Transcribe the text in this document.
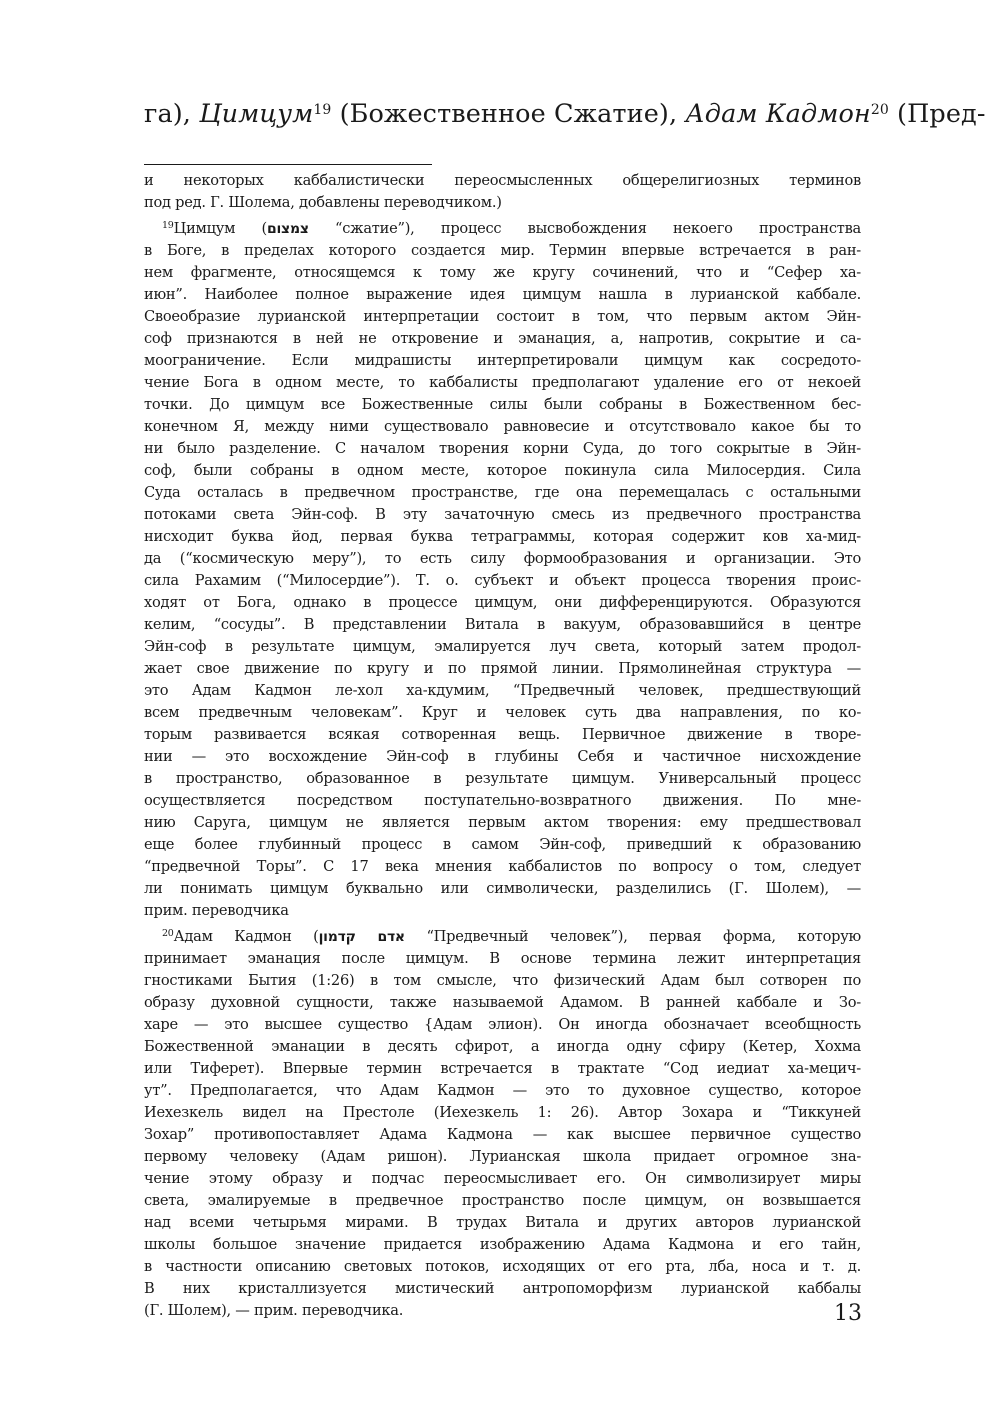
га), Цимцум$^{19}$ (Божественное Сжатие), Адам Кадмон$^{20}$ (Пред-
и некоторых каббалистически переосмысленных общерелигиозных терминов
под ред. Г. Шолема, добавлены переводчиком.)
$^{19}$Цимцум (צמצום “сжатие”), процесс высвобождения некоего пространства
в Боге, в пределах которого создается мир. Термин впервые встречается в ран-
нем фрагменте, относящемся к тому же кругу сочинений, что и “Сефер ха-
июн”. Наиболее полное выражение идея цимцум нашла в лурианской каббале.
Своеобразие лурианской интерпретации состоит в том, что первым актом Эйн-
соф признаются в ней не откровение и эманация, а, напротив, сокрытие и са-
моограничение. Если мидрашисты интерпретировали цимцум как сосредото-
чение Бога в одном месте, то каббалисты предполагают удаление его от некоей
точки. До цимцум все Божественные силы были собраны в Божественном бес-
конечном Я, между ними существовало равновесие и отсутствовало какое бы то
ни было разделение. С началом творения корни Суда, до того сокрытые в Эйн-
соф, были собраны в одном месте, которое покинула сила Милосердия. Сила
Суда осталась в предвечном пространстве, где она перемещалась с остальными
потоками света Эйн-соф. В эту зачаточную смесь из предвечного пространства
нисходит буква йод, первая буква тетраграммы, которая содержит ков ха-мид-
да (“космическую меру”), то есть силу формообразования и организации. Это
сила Рахамим (“Милосердие”). Т. о. субъект и объект процесса творения проис-
ходят от Бога, однако в процессе цимцум, они дифференцируются. Образуются
келим, “сосуды”. В представлении Витала в вакуум, образовавшийся в центре
Эйн-соф в результате цимцум, эмалируется луч света, который затем продол-
жает свое движение по кругу и по прямой линии. Прямолинейная структура —
это Адам Кадмон ле-хол ха-кдумим, “Предвечный человек, предшествующий
всем предвечным человекам”. Круг и человек суть два направления, по ко-
торым развивается всякая сотворенная вещь. Первичное движение в творе-
нии — это восхождение Эйн-соф в глубины Себя и частичное нисхождение
в пространство, образованное в результате цимцум. Универсальный процесс
осуществляется посредством поступательно-возвратного движения. По мне-
нию Саруга, цимцум не является первым актом творения: ему предшествовал
еще более глубинный процесс в самом Эйн-соф, приведший к образованию
“предвечной Торы”. С 17 века мнения каббалистов по вопросу о том, следует
ли понимать цимцум буквально или символически, разделились (Г. Шолем), —
прим. переводчика
$^{20}$Адам Кадмон (אדם קדמון “Предвечный человек”), первая форма, которую
принимает эманация после цимцум. В основе термина лежит интерпретация
гностиками Бытия (1:26) в том смысле, что физический Адам был сотворен по
образу духовной сущности, также называемой Адамом. В ранней каббале и Зо-
харе — это высшее существо {Адам элион). Он иногда обозначает всеобщность
Божественной эманации в десять сфирот, а иногда одну сфиру (Кетер, Хохма
или Тиферет). Впервые термин встречается в трактате “Сод иедиат ха-мецич-
ут”. Предполагается, что Адам Кадмон — это то духовное существо, которое
Иехезкель видел на Престоле (Иехезкель 1: 26). Автор Зохара и “Тиккуней
Зохар” противопоставляет Адама Кадмона — как высшее первичное существо
первому человеку (Адам ришон). Лурианская школа придает огромное зна-
чение этому образу и подчас переосмысливает его. Он символизирует миры
света, эмалируемые в предвечное пространство после цимцум, он возвышается
над всеми четырьмя мирами. В трудах Витала и других авторов лурианской
школы большое значение придается изображению Адама Кадмона и его тайн,
в частности описанию световых потоков, исходящих от его рта, лба, носа и т. д.
В них кристаллизуется мистический антропоморфизм лурианской каббалы
(Г. Шолем), — прим. переводчика.	13
